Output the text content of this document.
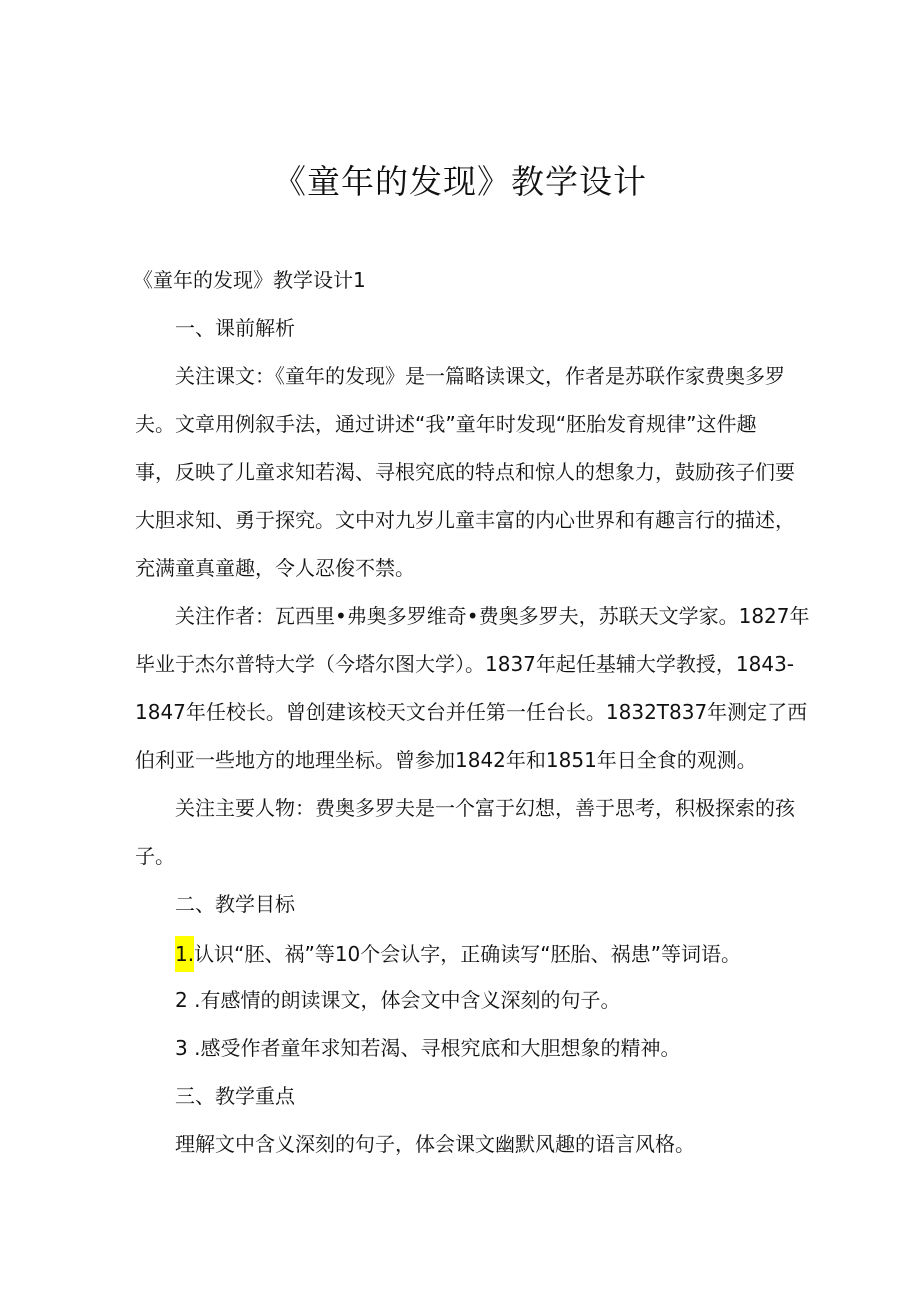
《童年的发现》教学设计

《童年的发现》教学设计1

一、课前解析

关注课文：《童年的发现》是一篇略读课文，作者是苏联作家费奥多罗

夫。文章用例叙手法，通过讲述“我”童年时发现“胚胎发育规律”这件趣

事，反映了儿童求知若渴、寻根究底的特点和惊人的想象力，鼓励孩子们要

大胆求知、勇于探究。文中对九岁儿童丰富的内心世界和有趣言行的描述，

充满童真童趣，令人忍俊不禁。

关注作者：瓦西里•弗奥多罗维奇•费奥多罗夫，苏联天文学家。1827年

毕业于杰尔普特大学（今塔尔图大学）。1837年起任基辅大学教授，1843-

1847年任校长。曾创建该校天文台并任第一任台长。1832T837年测定了西

伯利亚一些地方的地理坐标。曾参加1842年和1851年日全食的观测。

关注主要人物：费奥多罗夫是一个富于幻想，善于思考，积极探索的孩

子。

二、教学目标

1.认识“胚、祸”等10个会认字，正确读写“胚胎、祸患”等词语。

2 .有感情的朗读课文，体会文中含义深刻的句子。

3 .感受作者童年求知若渴、寻根究底和大胆想象的精神。

三、教学重点

理解文中含义深刻的句子，体会课文幽默风趣的语言风格。
